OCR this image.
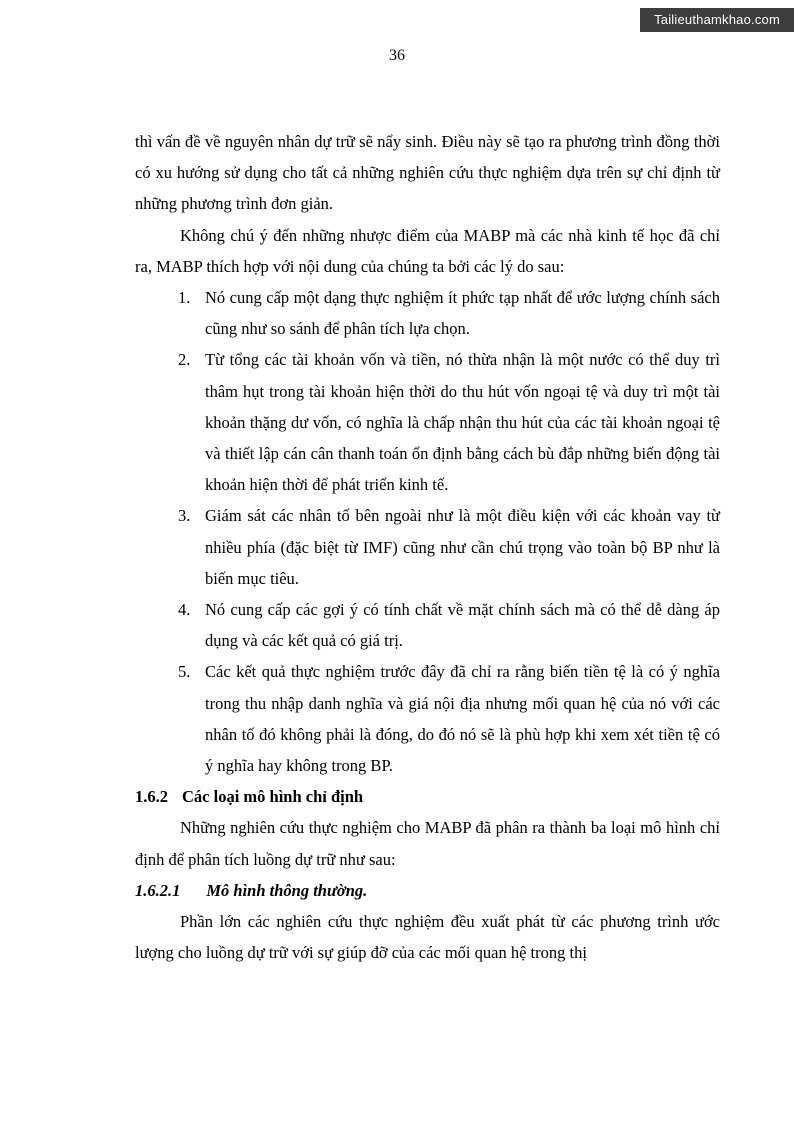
Tailieuthamkhao.com
36
thì vấn đề về nguyên nhân dự trữ sẽ nẩy sinh. Điều này sẽ tạo ra phương trình đồng thời có xu hướng sử dụng cho tất cả những nghiên cứu thực nghiệm dựa trên sự chỉ định từ những phương trình đơn giản.
Không chú ý đến những nhược điểm của MABP mà các nhà kinh tế học đã chỉ ra, MABP thích hợp với nội dung của chúng ta bởi các lý do sau:
1. Nó cung cấp một dạng thực nghiệm ít phức tạp nhất để ước lượng chính sách cũng như so sánh để phân tích lựa chọn.
2. Từ tổng các tài khoản vốn và tiền, nó thừa nhận là một nước có thể duy trì thâm hụt trong tài khoản hiện thời do thu hút vốn ngoại tệ và duy trì một tài khoản thặng dư vốn, có nghĩa là chấp nhận thu hút của các tài khoản ngoại tệ và thiết lập cán cân thanh toán ổn định bằng cách bù đắp những biến động tài khoản hiện thời để phát triển kinh tế.
3. Giám sát các nhân tố bên ngoài như là một điều kiện với các khoản vay từ nhiều phía (đặc biệt từ IMF) cũng như cần chú trọng vào toàn bộ BP như là biến mục tiêu.
4. Nó cung cấp các gợi ý có tính chất về mặt chính sách mà có thể dễ dàng áp dụng và các kết quả có giá trị.
5. Các kết quả thực nghiệm trước đây đã chỉ ra rằng biến tiền tệ là có ý nghĩa trong thu nhập danh nghĩa và giá nội địa nhưng mối quan hệ của nó với các nhân tố đó không phải là đóng, do đó nó sẽ là phù hợp khi xem xét tiền tệ có ý nghĩa hay không trong BP.
1.6.2 Các loại mô hình chỉ định
Những nghiên cứu thực nghiệm cho MABP đã phân ra thành ba loại mô hình chỉ định để phân tích luồng dự trữ như sau:
1.6.2.1 Mô hình thông thường.
Phần lớn các nghiên cứu thực nghiệm đều xuất phát từ các phương trình ước lượng cho luồng dự trữ với sự giúp đỡ của các mối quan hệ trong thị
